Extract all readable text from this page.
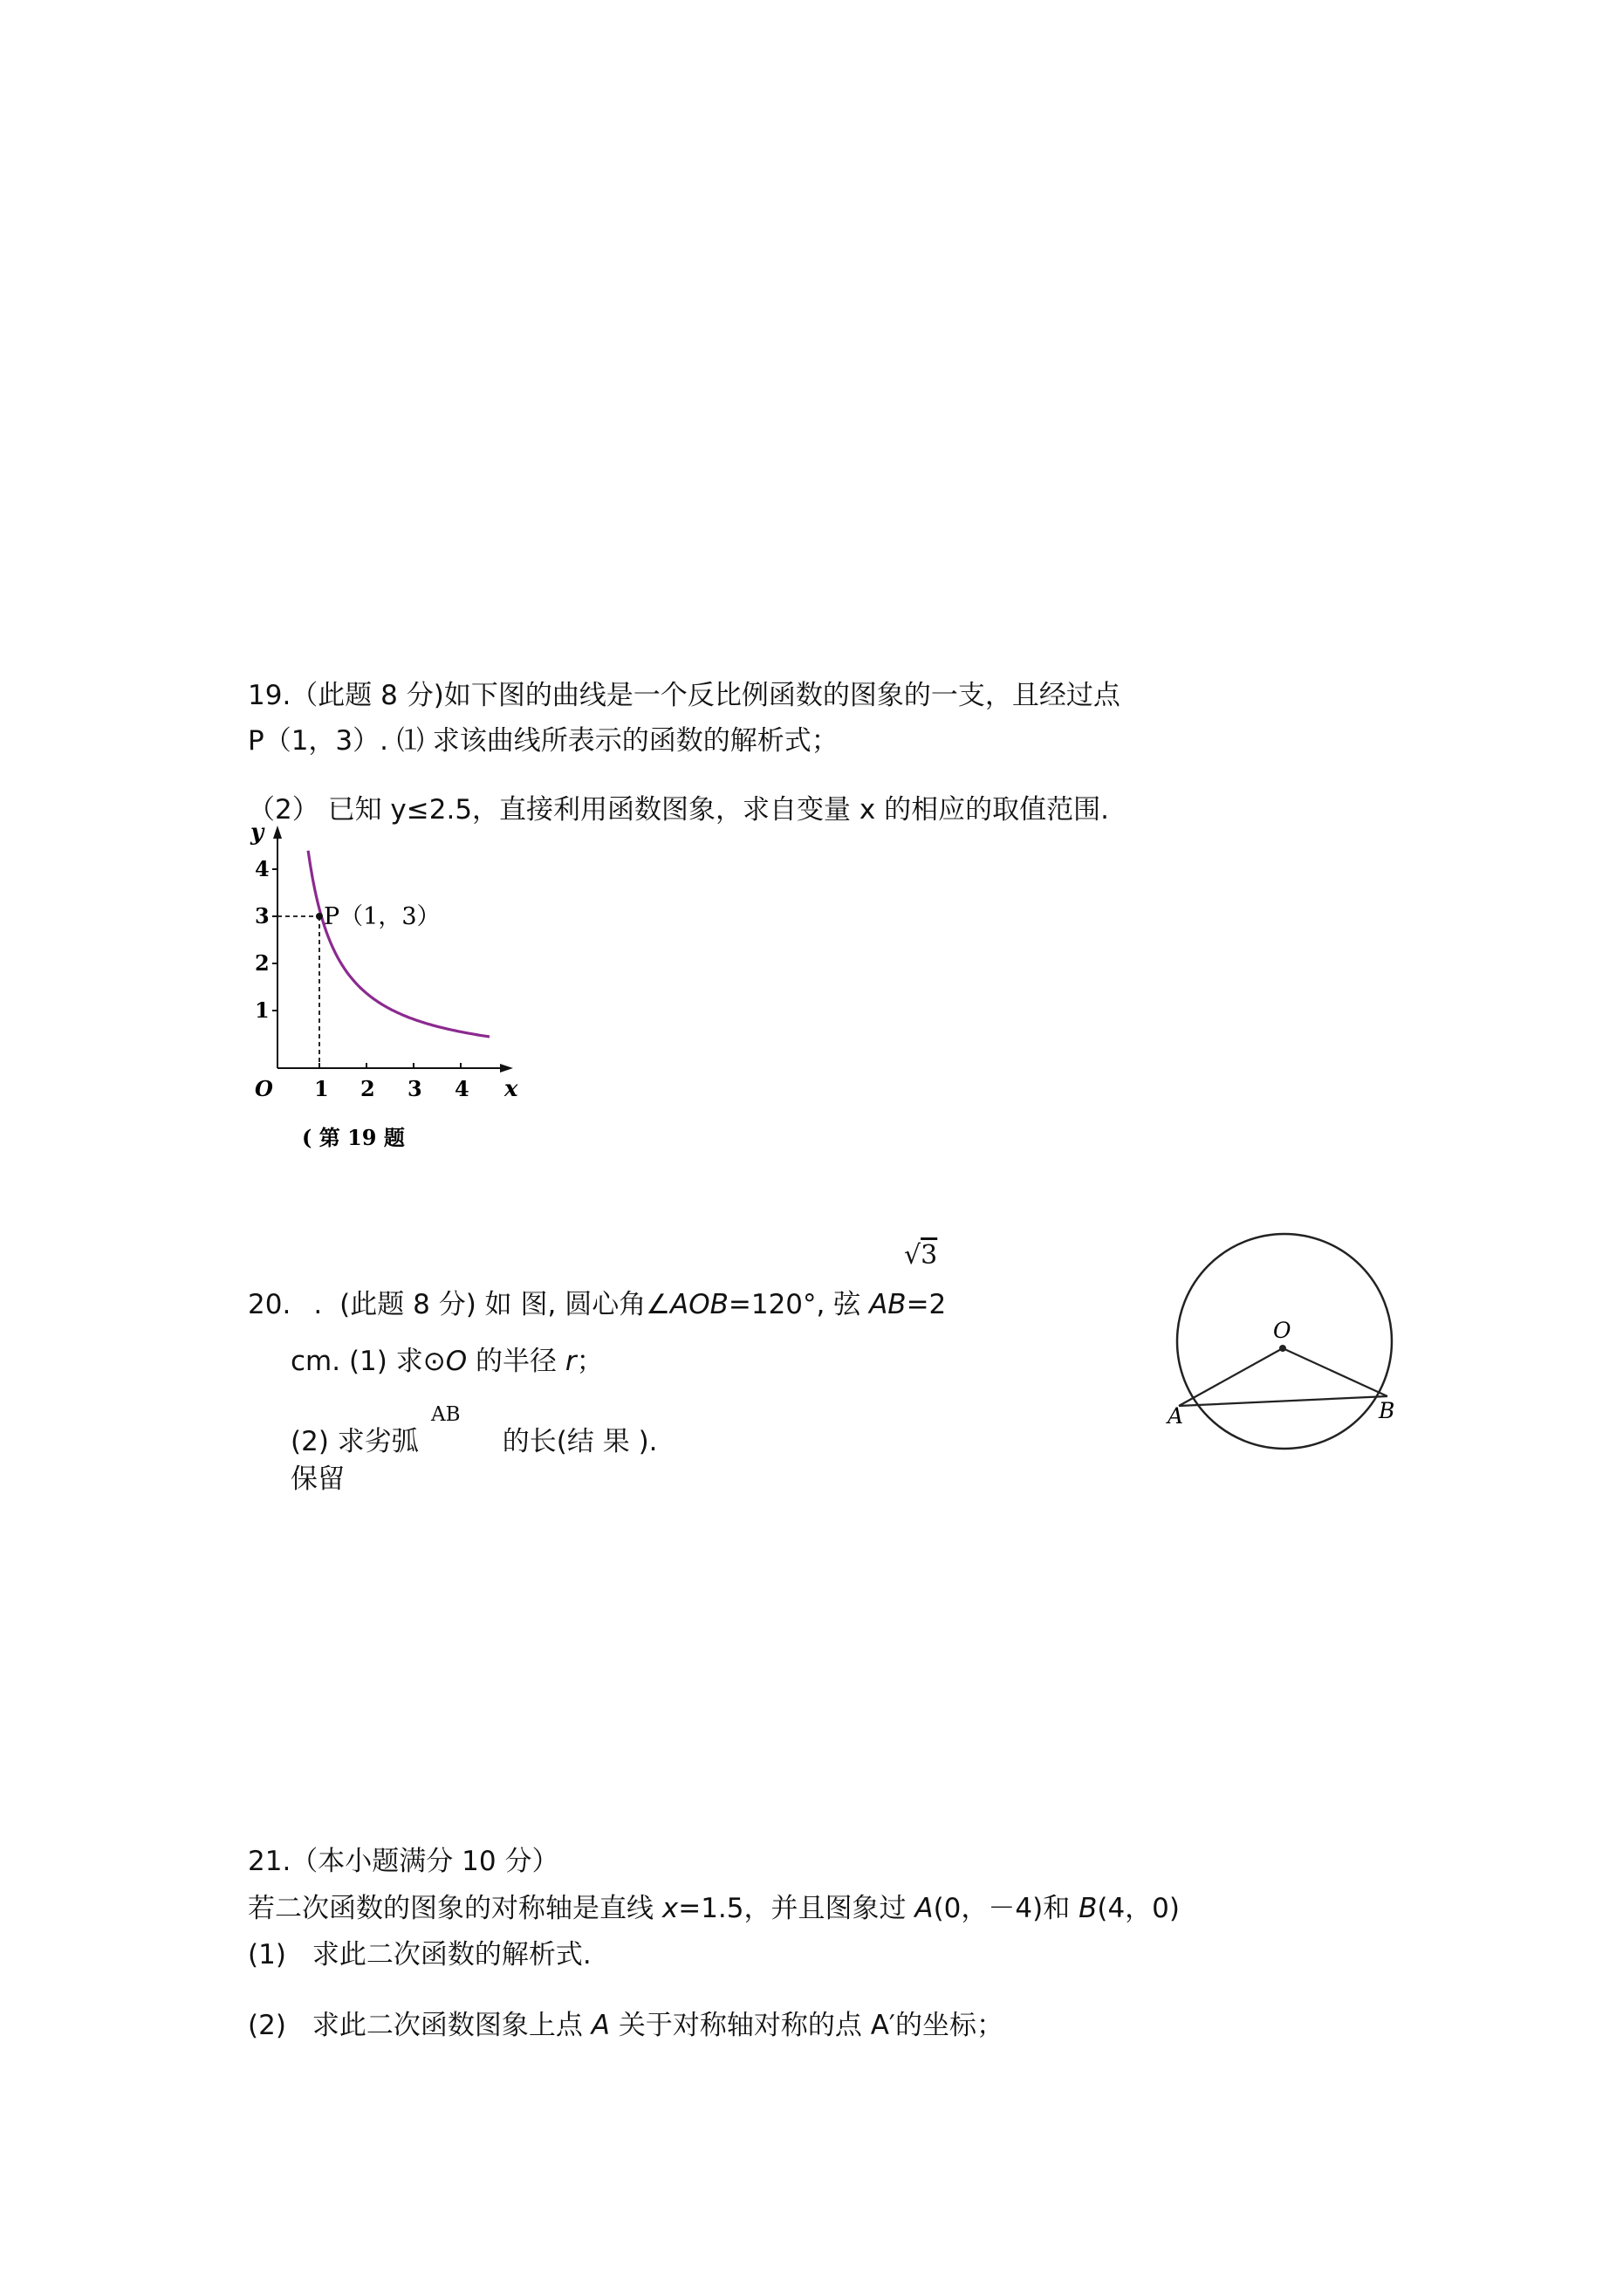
19.（此题 8 分)如下图的曲线是一个反比例函数的图象的一支，且经过点
P（1，3）. ⑴ 求该曲线所表示的函数的解析式；
（2） 已知 y≤2.5，直接利用函数图象，求自变量 x 的相应的取值范围.
4
3
2
1
1 2 3 4
O
y
x
P（1，3）
( 第 19 题
√3
20. . (此题 8 分) 如 图, 圆心角∠AOB=120°, 弦 AB=2
cm. (1) 求⊙O 的半径 r；
AB
(2) 求劣弧	的长(结 果 ).
保留
O
A	B
21.（本小题满分 10 分）
若二次函数的图象的对称轴是直线 x=1.5，并且图象过 A(0，－4)和 B(4，0)
(1) 求此二次函数的解析式.
(2) 求此二次函数图象上点 A 关于对称轴对称的点 A′的坐标；
